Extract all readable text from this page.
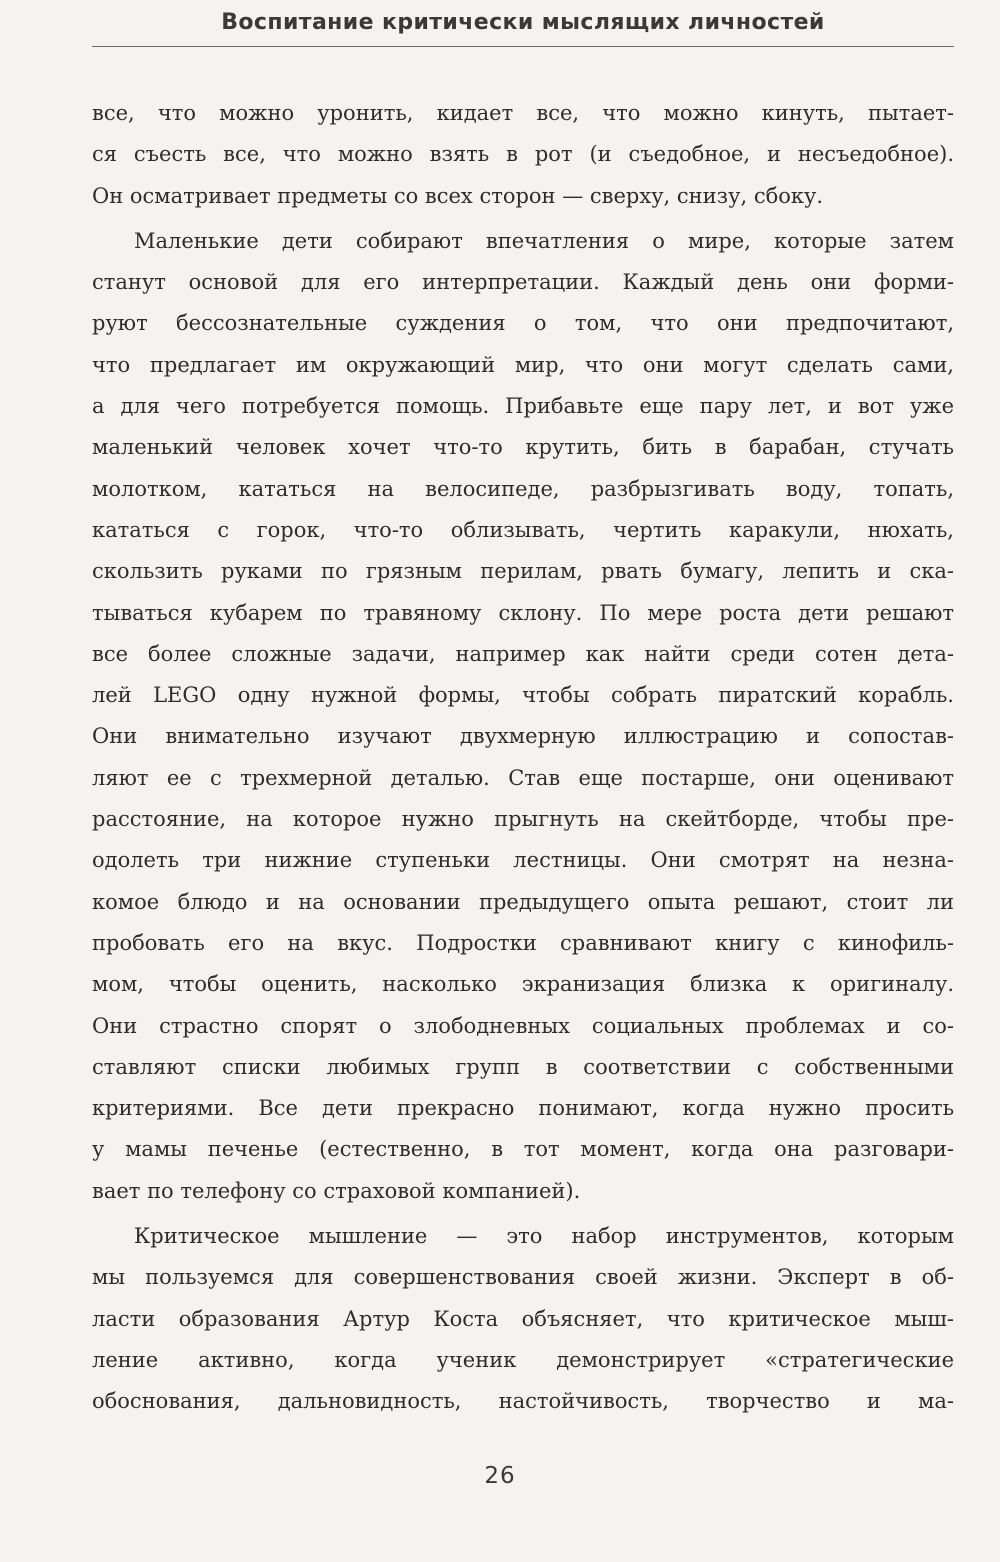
Воспитание критически мыслящих личностей
все, что можно уронить, кидает все, что можно кинуть, пытает-
ся съесть все, что можно взять в рот (и съедобное, и несъедобное).
Он осматривает предметы со всех сторон — сверху, снизу, сбоку.
Маленькие дети собирают впечатления о мире, которые затем
станут основой для его интерпретации. Каждый день они форми-
руют бессознательные суждения о том, что они предпочитают,
что предлагает им окружающий мир, что они могут сделать сами,
а для чего потребуется помощь. Прибавьте еще пару лет, и вот уже
маленький человек хочет что-то крутить, бить в барабан, стучать
молотком, кататься на велосипеде, разбрызгивать воду, топать,
кататься с горок, что-то облизывать, чертить каракули, нюхать,
скользить руками по грязным перилам, рвать бумагу, лепить и ска-
тываться кубарем по травяному склону. По мере роста дети решают
все более сложные задачи, например как найти среди сотен дета-
лей LEGO одну нужной формы, чтобы собрать пиратский корабль.
Они внимательно изучают двухмерную иллюстрацию и сопостав-
ляют ее с трехмерной деталью. Став еще постарше, они оценивают
расстояние, на которое нужно прыгнуть на скейтборде, чтобы пре-
одолеть три нижние ступеньки лестницы. Они смотрят на незна-
комое блюдо и на основании предыдущего опыта решают, стоит ли
пробовать его на вкус. Подростки сравнивают книгу с кинофиль-
мом, чтобы оценить, насколько экранизация близка к оригиналу.
Они страстно спорят о злободневных социальных проблемах и со-
ставляют списки любимых групп в соответствии с собственными
критериями. Все дети прекрасно понимают, когда нужно просить
у мамы печенье (естественно, в тот момент, когда она разговари-
вает по телефону со страховой компанией).
Критическое мышление — это набор инструментов, которым
мы пользуемся для совершенствования своей жизни. Эксперт в об-
ласти образования Артур Коста объясняет, что критическое мыш-
ление активно, когда ученик демонстрирует «стратегические
обоснования, дальновидность, настойчивость, творчество и ма-
26
